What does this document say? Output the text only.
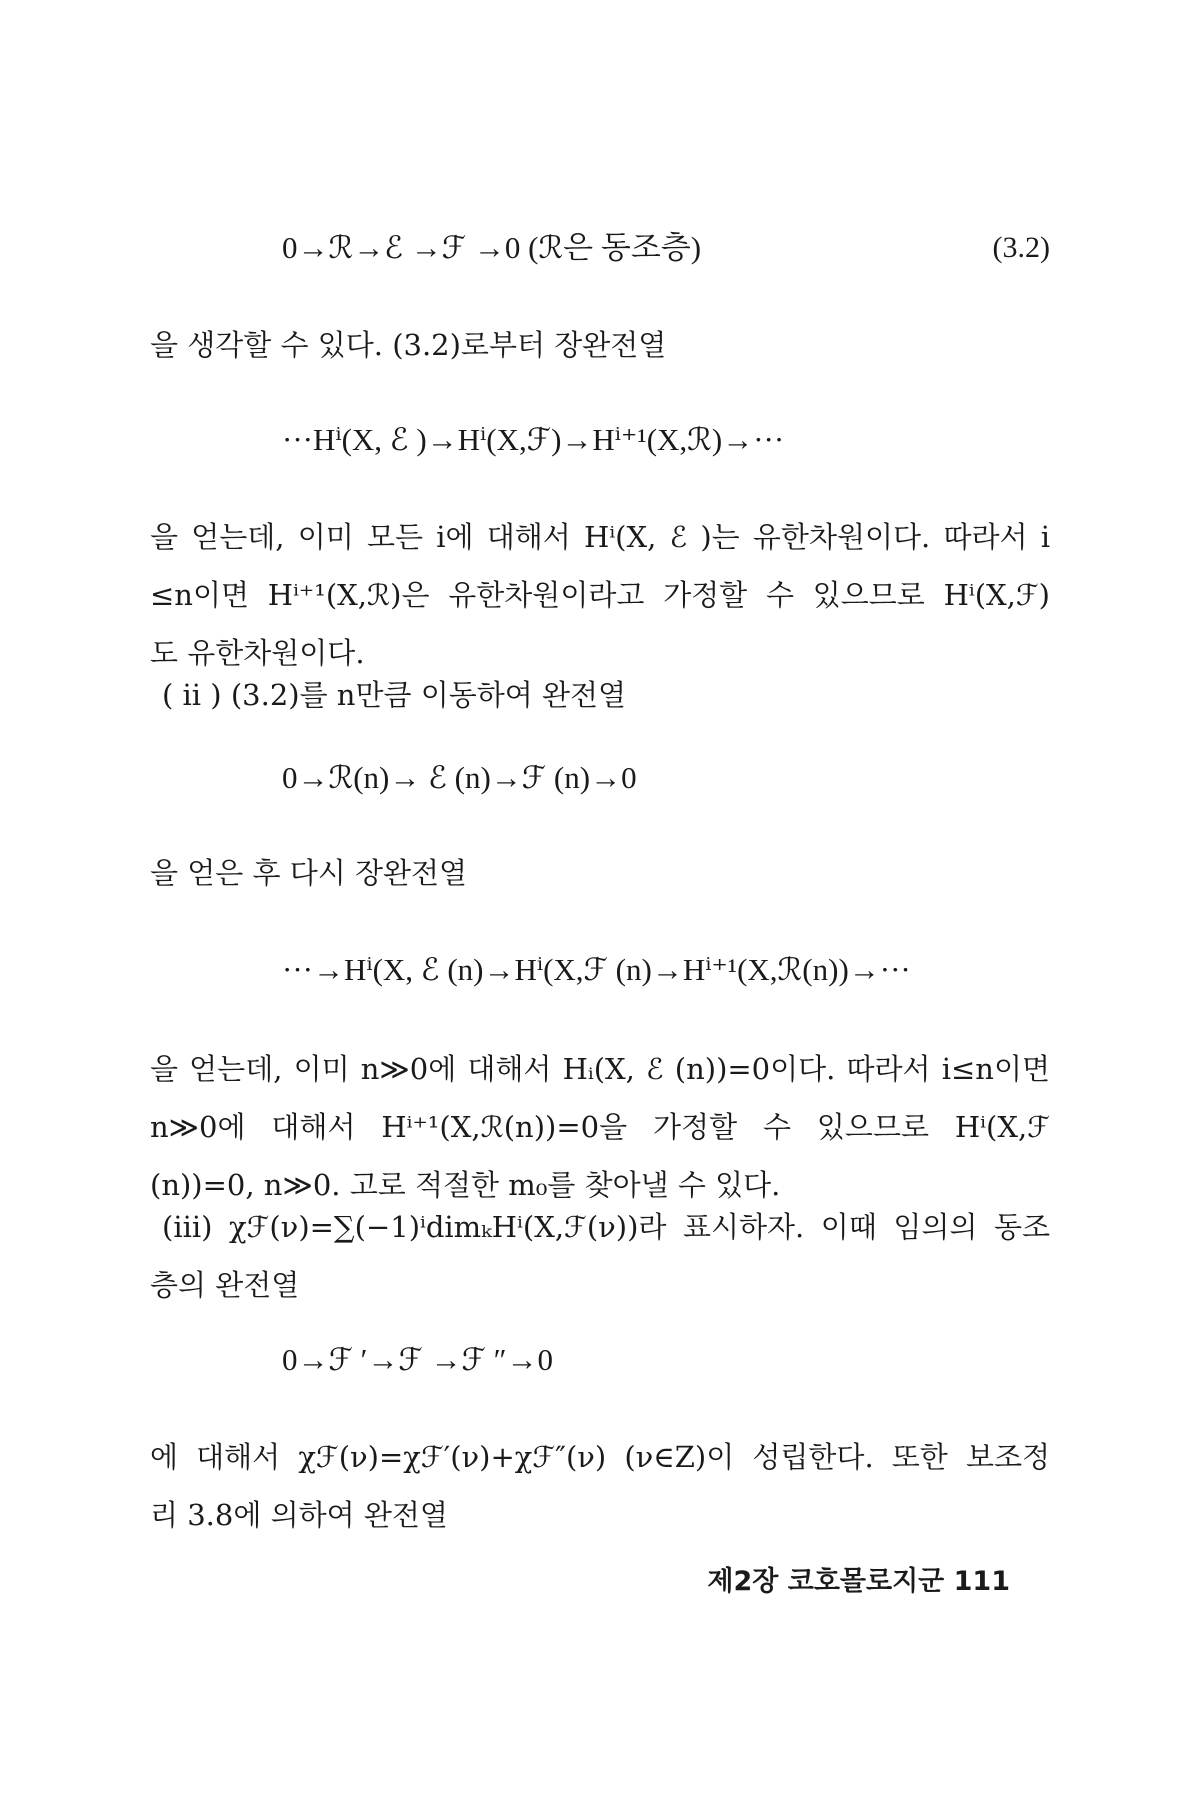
0→ℛ→ℰ →ℱ →0 (ℛ은 동조층)	(3.2)
을 생각할 수 있다. (3.2)로부터 장완전열
···Hⁱ(X, ℰ )→Hⁱ(X,ℱ)→Hⁱ⁺¹(X,ℛ)→···
을 얻는데, 이미 모든 i에 대해서 Hⁱ(X, ℰ )는 유한차원이다. 따라서 i
≤n이면 Hⁱ⁺¹(X,ℛ)은 유한차원이라고 가정할 수 있으므로 Hⁱ(X,ℱ)
도 유한차원이다.
( ii ) (3.2)를 n만큼 이동하여 완전열
0→ℛ(n)→ ℰ (n)→ℱ (n)→0
을 얻은 후 다시 장완전열
···→Hⁱ(X, ℰ (n)→Hⁱ(X,ℱ (n)→Hⁱ⁺¹(X,ℛ(n))→···
을 얻는데, 이미 n≫0에 대해서 Hᵢ(X, ℰ (n))=0이다. 따라서 i≤n이면
n≫0에 대해서 Hⁱ⁺¹(X,ℛ(n))=0을 가정할 수 있으므로 Hⁱ(X,ℱ
(n))=0, n≫0. 고로 적절한 m₀를 찾아낼 수 있다.
(iii) χℱ(ν)=∑(−1)ⁱdimₖHⁱ(X,ℱ(ν))라 표시하자. 이때 임의의 동조
층의 완전열
0→ℱ ′→ℱ →ℱ ″→0
에 대해서 χℱ(ν)=χℱ′(ν)+χℱ″(ν) (ν∈Z)이 성립한다. 또한 보조정
리 3.8에 의하여 완전열
제2장 코호몰로지군 111
